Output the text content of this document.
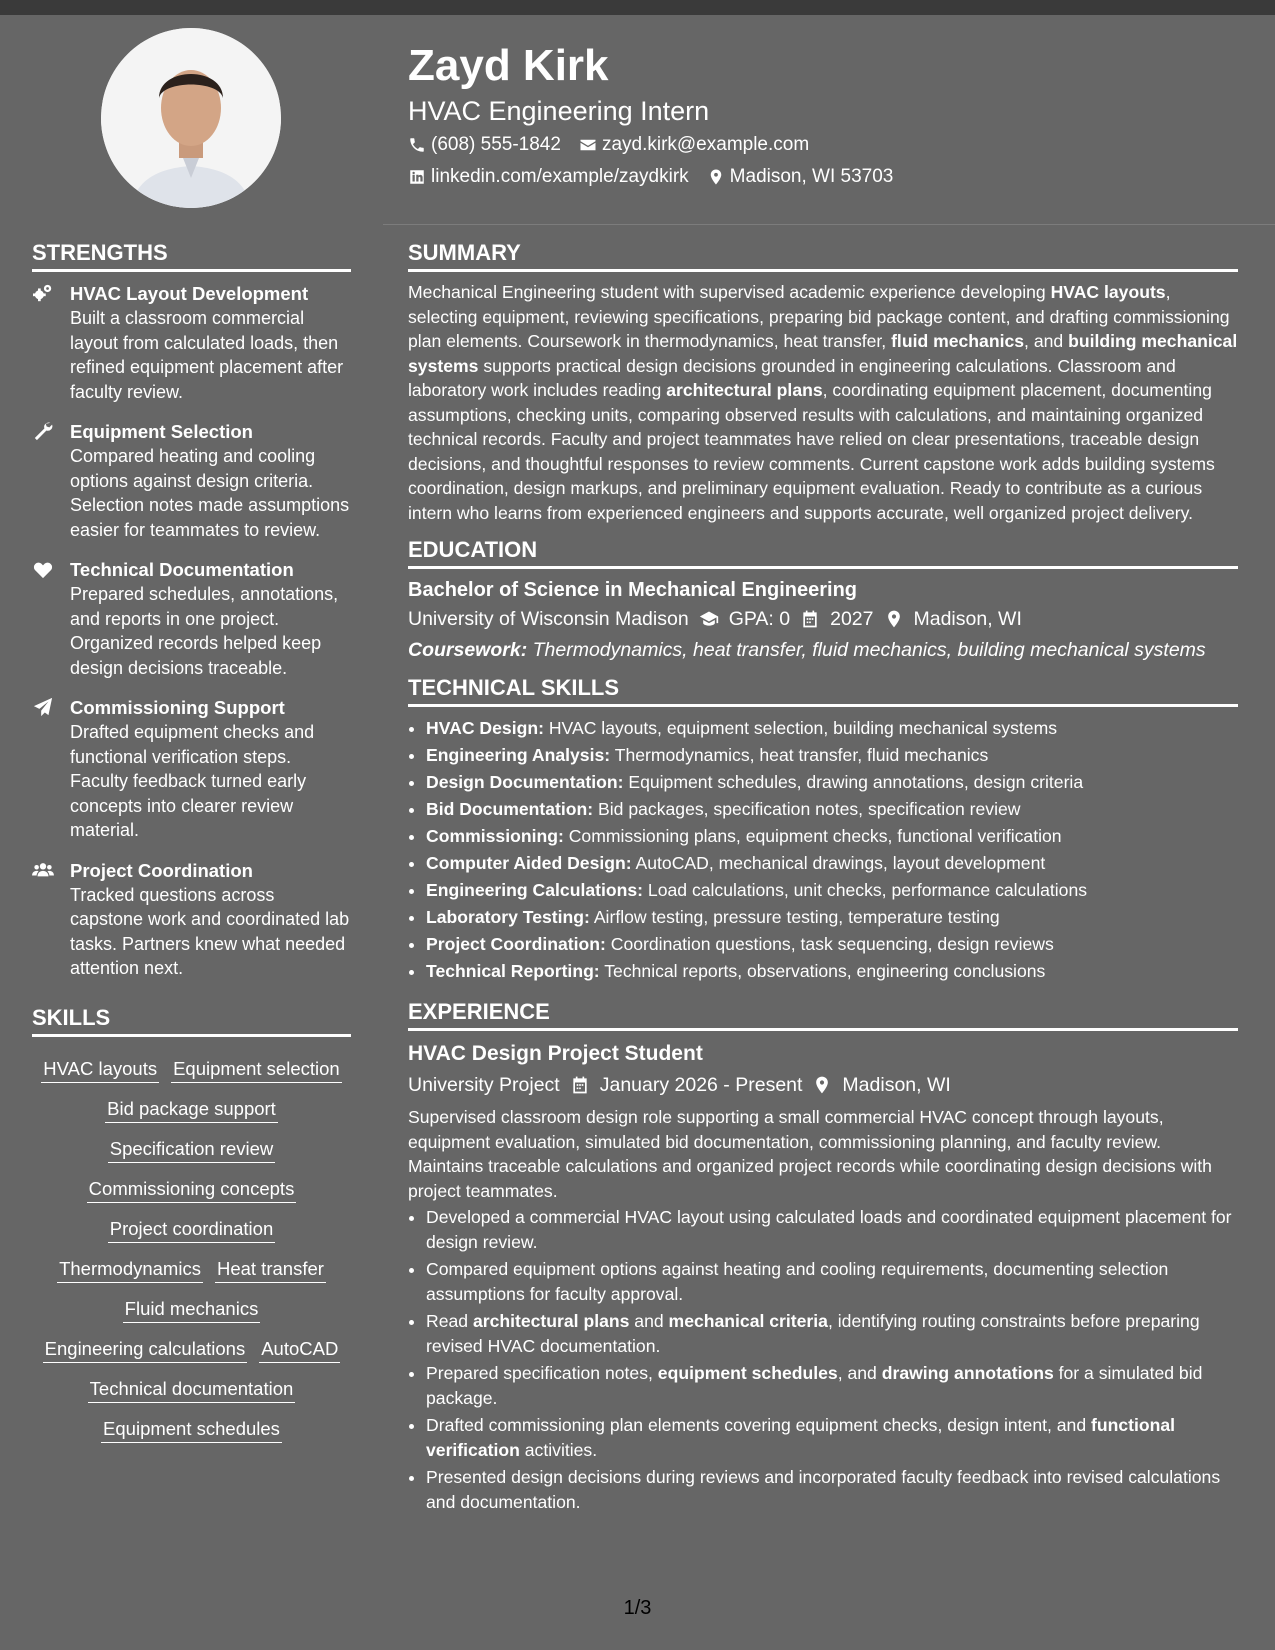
Zayd Kirk
HVAC Engineering Intern
(608) 555-1842 zayd.kirk@example.com
linkedin.com/example/zaydkirk Madison, WI 53703
STRENGTHS
HVAC Layout Development
Built a classroom commercial layout from calculated loads, then refined equipment placement after faculty review.
Equipment Selection
Compared heating and cooling options against design criteria. Selection notes made assumptions easier for teammates to review.
Technical Documentation
Prepared schedules, annotations, and reports in one project. Organized records helped keep design decisions traceable.
Commissioning Support
Drafted equipment checks and functional verification steps. Faculty feedback turned early concepts into clearer review material.
Project Coordination
Tracked questions across capstone work and coordinated lab tasks. Partners knew what needed attention next.
SKILLS
HVAC layouts Equipment selection
Bid package support
Specification review
Commissioning concepts
Project coordination
Thermodynamics Heat transfer
Fluid mechanics
Engineering calculations AutoCAD
Technical documentation
Equipment schedules
SUMMARY
Mechanical Engineering student with supervised academic experience developing HVAC layouts, selecting equipment, reviewing specifications, preparing bid package content, and drafting commissioning plan elements. Coursework in thermodynamics, heat transfer, fluid mechanics, and building mechanical systems supports practical design decisions grounded in engineering calculations. Classroom and laboratory work includes reading architectural plans, coordinating equipment placement, documenting assumptions, checking units, comparing observed results with calculations, and maintaining organized technical records. Faculty and project teammates have relied on clear presentations, traceable design decisions, and thoughtful responses to review comments. Current capstone work adds building systems coordination, design markups, and preliminary equipment evaluation. Ready to contribute as a curious intern who learns from experienced engineers and supports accurate, well organized project delivery.
EDUCATION
Bachelor of Science in Mechanical Engineering
University of Wisconsin Madison GPA: 0 2027 Madison, WI
Coursework: Thermodynamics, heat transfer, fluid mechanics, building mechanical systems
TECHNICAL SKILLS
• HVAC Design: HVAC layouts, equipment selection, building mechanical systems
• Engineering Analysis: Thermodynamics, heat transfer, fluid mechanics
• Design Documentation: Equipment schedules, drawing annotations, design criteria
• Bid Documentation: Bid packages, specification notes, specification review
• Commissioning: Commissioning plans, equipment checks, functional verification
• Computer Aided Design: AutoCAD, mechanical drawings, layout development
• Engineering Calculations: Load calculations, unit checks, performance calculations
• Laboratory Testing: Airflow testing, pressure testing, temperature testing
• Project Coordination: Coordination questions, task sequencing, design reviews
• Technical Reporting: Technical reports, observations, engineering conclusions
EXPERIENCE
HVAC Design Project Student
University Project January 2026 - Present Madison, WI
Supervised classroom design role supporting a small commercial HVAC concept through layouts, equipment evaluation, simulated bid documentation, commissioning planning, and faculty review. Maintains traceable calculations and organized project records while coordinating design decisions with project teammates.
• Developed a commercial HVAC layout using calculated loads and coordinated equipment placement for design review.
• Compared equipment options against heating and cooling requirements, documenting selection assumptions for faculty approval.
• Read architectural plans and mechanical criteria, identifying routing constraints before preparing revised HVAC documentation.
• Prepared specification notes, equipment schedules, and drawing annotations for a simulated bid package.
• Drafted commissioning plan elements covering equipment checks, design intent, and functional verification activities.
• Presented design decisions during reviews and incorporated faculty feedback into revised calculations and documentation.
1/3
